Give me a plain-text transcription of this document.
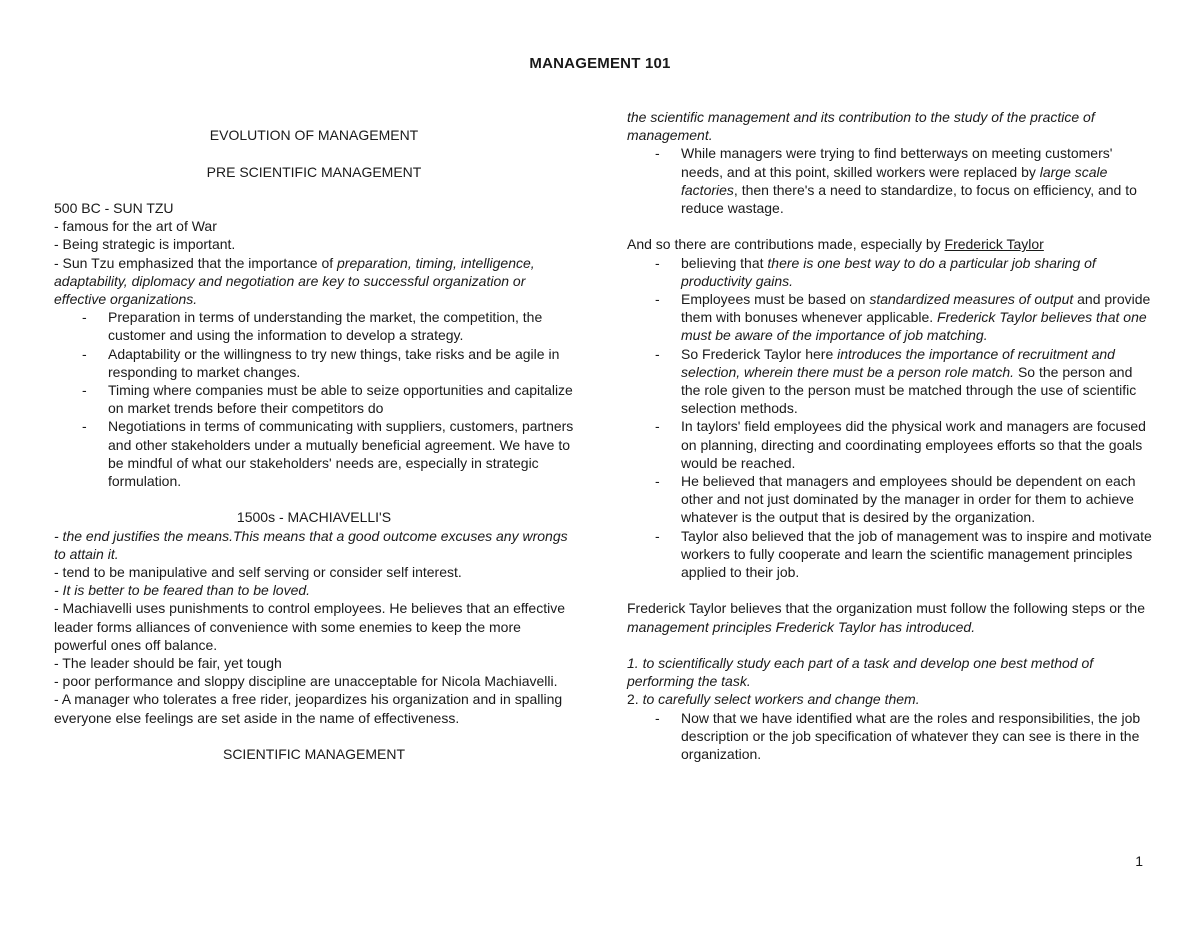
MANAGEMENT 101
EVOLUTION OF MANAGEMENT
PRE SCIENTIFIC MANAGEMENT
500 BC - SUN TZU
- famous for the art of War
- Being strategic is important.
- Sun Tzu emphasized that the importance of preparation, timing, intelligence, adaptability, diplomacy and negotiation are key to successful organization or effective organizations.
- Preparation in terms of understanding the market, the competition, the customer and using the information to develop a strategy.
- Adaptability or the willingness to try new things, take risks and be agile in responding to market changes.
- Timing where companies must be able to seize opportunities and capitalize on market trends before their competitors do
- Negotiations in terms of communicating with suppliers, customers, partners and other stakeholders under a mutually beneficial agreement. We have to be mindful of what our stakeholders' needs are, especially in strategic formulation.
1500s - MACHIAVELLI'S
- the end justifies the means.This means that a good outcome excuses any wrongs to attain it.
- tend to be manipulative and self serving or consider self interest.
- It is better to be feared than to be loved.
- Machiavelli uses punishments to control employees. He believes that an effective leader forms alliances of convenience with some enemies to keep the more powerful ones off balance.
- The leader should be fair, yet tough
- poor performance and sloppy discipline are unacceptable for Nicola Machiavelli.
- A manager who tolerates a free rider, jeopardizes his organization and in spalling everyone else feelings are set aside in the name of effectiveness.
SCIENTIFIC MANAGEMENT
the scientific management and its contribution to the study of the practice of management.
- While managers were trying to find betterways on meeting customers' needs, and at this point, skilled workers were replaced by large scale factories, then there's a need to standardize, to focus on efficiency, and to reduce wastage.
And so there are contributions made, especially by Frederick Taylor
- believing that there is one best way to do a particular job sharing of productivity gains.
- Employees must be based on standardized measures of output and provide them with bonuses whenever applicable. Frederick Taylor believes that one must be aware of the importance of job matching.
- So Frederick Taylor here introduces the importance of recruitment and selection, wherein there must be a person role match. So the person and the role given to the person must be matched through the use of scientific selection methods.
- In taylors' field employees did the physical work and managers are focused on planning, directing and coordinating employees efforts so that the goals would be reached.
- He believed that managers and employees should be dependent on each other and not just dominated by the manager in order for them to achieve whatever is the output that is desired by the organization.
- Taylor also believed that the job of management was to inspire and motivate workers to fully cooperate and learn the scientific management principles applied to their job.
Frederick Taylor believes that the organization must follow the following steps or the management principles Frederick Taylor has introduced.
1. to scientifically study each part of a task and develop one best method of performing the task.
2. to carefully select workers and change them.
- Now that we have identified what are the roles and responsibilities, the job description or the job specification of whatever they can see is there in the organization.
1
